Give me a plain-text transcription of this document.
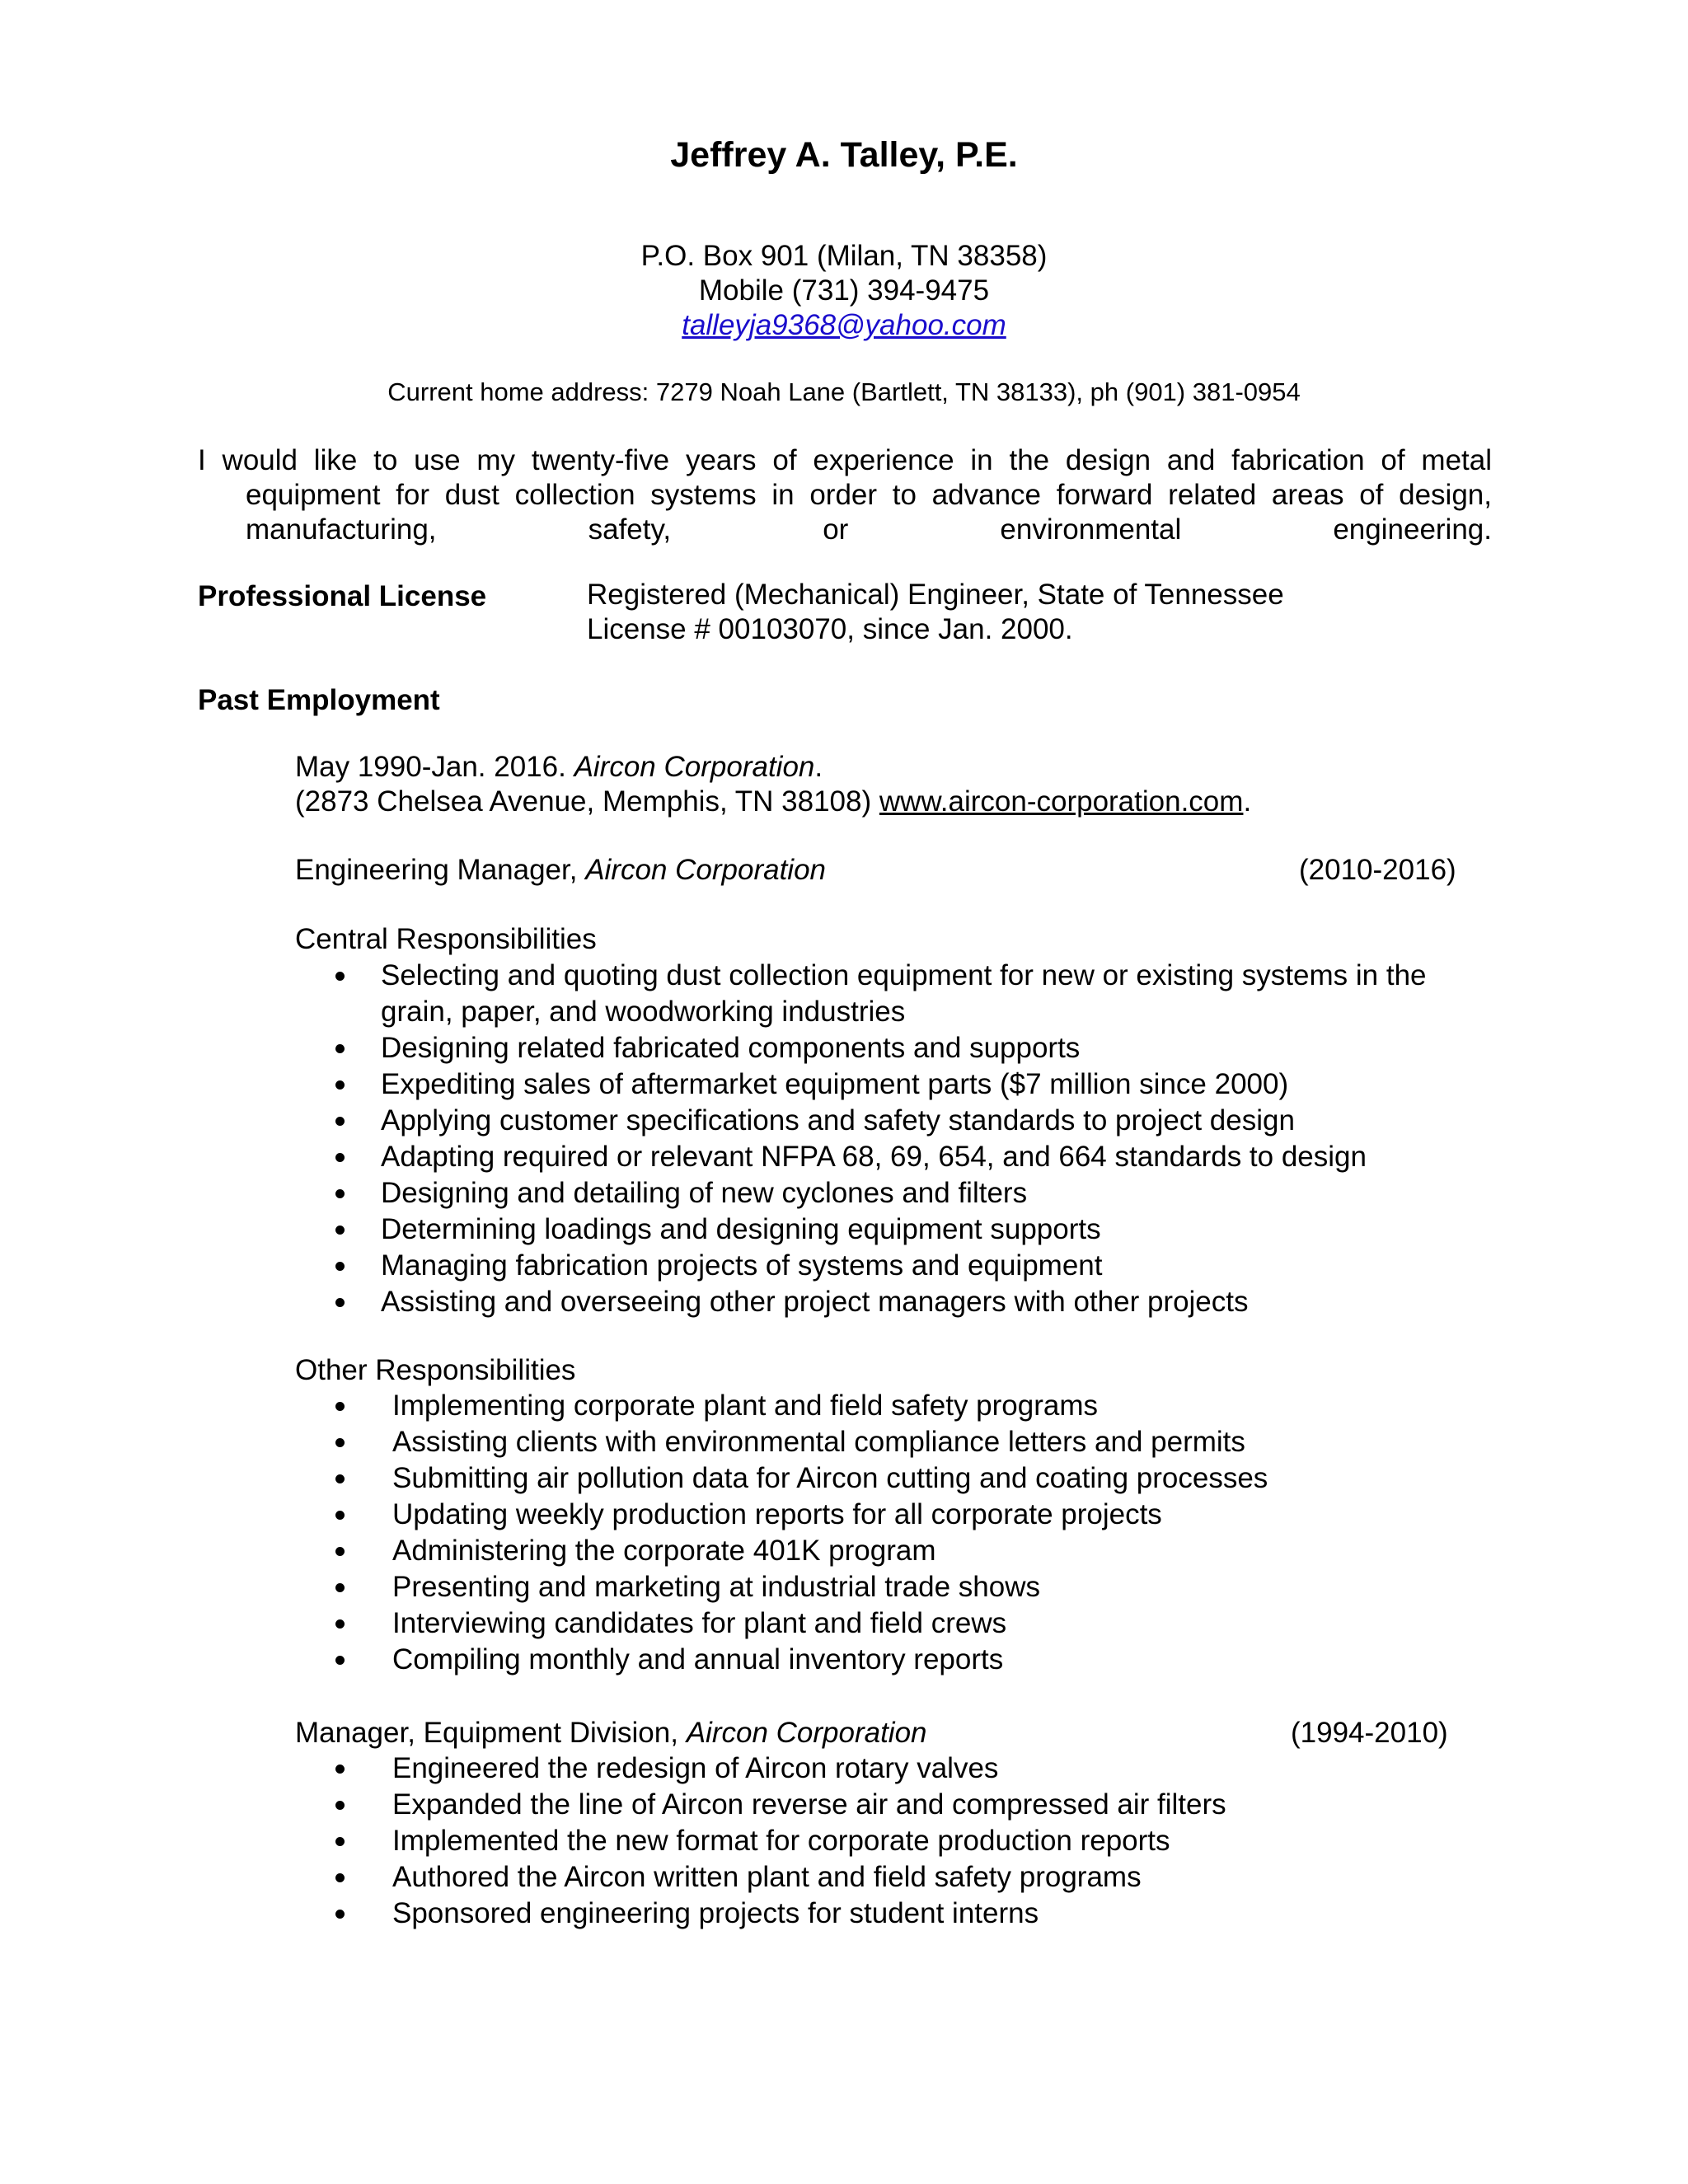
Jeffrey A. Talley, P.E.
P.O. Box 901 (Milan, TN 38358)
Mobile (731) 394-9475
talleyja9368@yahoo.com
Current home address: 7279 Noah Lane (Bartlett, TN 38133), ph (901) 381-0954
I would like to use my twenty-five years of experience in the design and fabrication of metal equipment for dust collection systems in order to advance forward related areas of design, manufacturing, safety, or environmental engineering.
Professional License	Registered (Mechanical) Engineer, State of Tennessee
License # 00103070, since Jan. 2000.
Past Employment
May 1990-Jan. 2016. Aircon Corporation.
(2873 Chelsea Avenue, Memphis, TN 38108) www.aircon-corporation.com.
Engineering Manager, Aircon Corporation	(2010-2016)
Central Responsibilities
Selecting and quoting dust collection equipment for new or existing systems in the grain, paper, and woodworking industries
Designing related fabricated components and supports
Expediting sales of aftermarket equipment parts ($7 million since 2000)
Applying customer specifications and safety standards to project design
Adapting required or relevant NFPA 68, 69, 654, and 664 standards to design
Designing and detailing of new cyclones and filters
Determining loadings and designing equipment supports
Managing fabrication projects of systems and equipment
Assisting and overseeing other project managers with other projects
Other Responsibilities
Implementing corporate plant and field safety programs
Assisting clients with environmental compliance letters and permits
Submitting air pollution data for Aircon cutting and coating processes
Updating weekly production reports for all corporate projects
Administering the corporate 401K program
Presenting and marketing at industrial trade shows
Interviewing candidates for plant and field crews
Compiling monthly and annual inventory reports
Manager, Equipment Division, Aircon Corporation	(1994-2010)
Engineered the redesign of Aircon rotary valves
Expanded the line of Aircon reverse air and compressed air filters
Implemented the new format for corporate production reports
Authored the Aircon written plant and field safety programs
Sponsored engineering projects for student interns
